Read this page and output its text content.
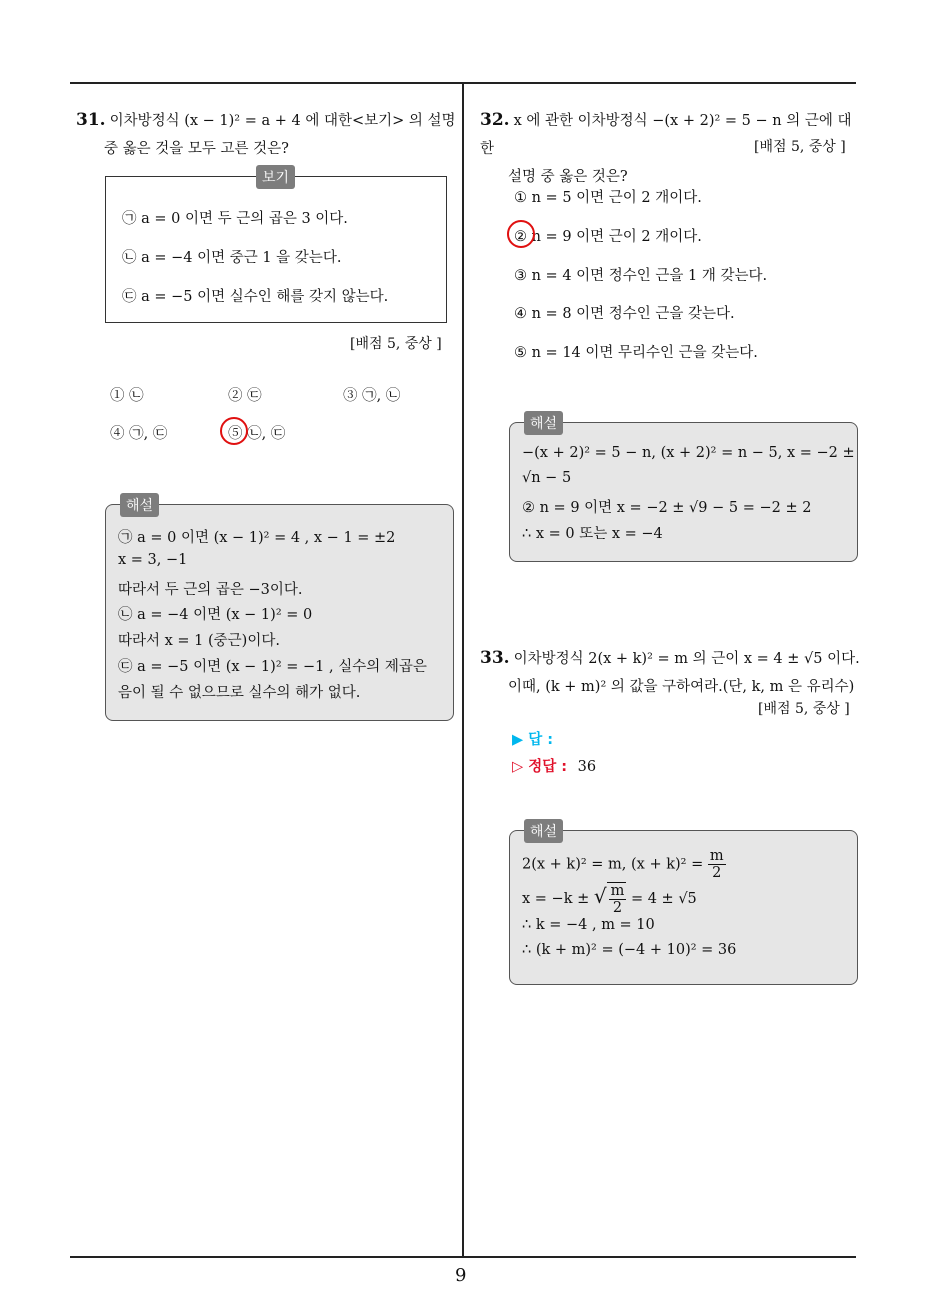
9
31. 이차방정식 (x − 1)² = a + 4 에 대한<보기> 의 설명
중 옳은 것을 모두 고른 것은?
보기
㉠ a = 0 이면 두 근의 곱은 3 이다.
㉡ a = −4 이면 중근 1 을 갖는다.
㉢ a = −5 이면 실수인 해를 갖지 않는다.
[배점 5, 중상 ]
① ㉡	② ㉢	③ ㉠, ㉡
④ ㉠, ㉢	⑤ ㉡, ㉢
해설
㉠ a = 0 이면 (x − 1)² = 4 , x − 1 = ±2
x = 3, −1
따라서 두 근의 곱은 −3이다.
㉡ a = −4 이면 (x − 1)² = 0
따라서 x = 1 (중근)이다.
㉢ a = −5 이면 (x − 1)² = −1 , 실수의 제곱은
음이 될 수 없으므로 실수의 해가 없다.
32. x 에 관한 이차방정식 −(x + 2)² = 5 − n 의 근에 대한
설명 중 옳은 것은?
[배점 5, 중상 ]
① n = 5 이면 근이 2 개이다.
② n = 9 이면 근이 2 개이다.
③ n = 4 이면 정수인 근을 1 개 갖는다.
④ n = 8 이면 정수인 근을 갖는다.
⑤ n = 14 이면 무리수인 근을 갖는다.
해설
−(x + 2)² = 5 − n, (x + 2)² = n − 5, x = −2 ±
√n − 5
② n = 9 이면 x = −2 ± √9 − 5 = −2 ± 2
∴ x = 0 또는 x = −4
33. 이차방정식 2(x + k)² = m 의 근이 x = 4 ± √5 이다.
이때, (k + m)² 의 값을 구하여라.(단, k, m 은 유리수)
[배점 5, 중상 ]
▶ 답 :
▷ 정답 : 36
해설
2(x + k)² = m, $(x + k)^2 = \frac{m}{2}$
x = −k ± √ $\frac{m}{2} = 4 \pm √5$
∴ k = −4 , m = 10
∴ (k + m)² = (−4 + 10)² = 36
